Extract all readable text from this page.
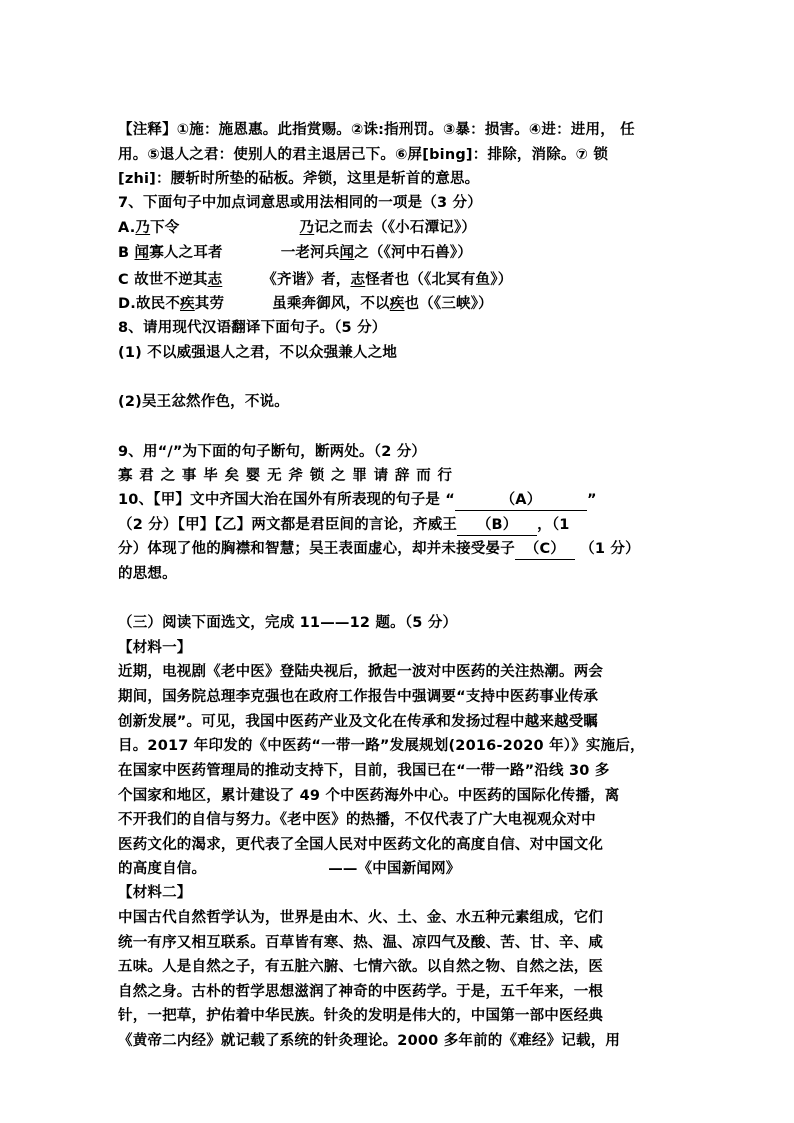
【注释】①施：施恩惠。此指赏赐。②诛:指刑罚。③暴：损害。④进：进用， 任
用。⑤退人之君：使别人的君主退居己下。⑥屏[bing]：排除，消除。⑦ 锁
[zhi]：腰斩时所垫的砧板。斧锁，这里是斩首的意思。
7、下面句子中加点词意思或用法相同的一项是（3 分）
A.乃下令	乃记之而去（《小石潭记》）
B 闻寡人之耳者	一老河兵闻之（《河中石兽》）
C 故世不逆其志	《齐谐》者，志怪者也（《北冥有鱼》）
D.故民不疾其劳	虽乘奔御风，不以疾也（《三峡》）
8、请用现代汉语翻译下面句子。（5 分）
(1) 不以威强退人之君，不以众强兼人之地
(2)吴王忿然作色，不说。
9、用“/”为下面的句子断句，断两处。（2 分）
寡君之事毕矣婴无斧锁之罪请辞而行
10、【甲】文中齐国大治在国外有所表现的句子是 “	（A）	”
（2 分）【甲】【乙】两文都是君臣间的言论，齐威王 （B） ，（1
分）体现了他的胸襟和智慧；吴王表面虚心，却并未接受晏子 （C） （1 分）
的思想。
（三）阅读下面选文，完成 11——12 题。（5 分）
【材料一】
近期，电视剧《老中医》登陆央视后，掀起一波对中医药的关注热潮。两会
期间，国务院总理李克强也在政府工作报告中强调要“支持中医药事业传承
创新发展”。可见，我国中医药产业及文化在传承和发扬过程中越来越受瞩
目。2017 年印发的《中医药“一带一路”发展规划(2016-2020 年）》实施后，
在国家中医药管理局的推动支持下，目前，我国已在“一带一路”沿线 30 多
个国家和地区，累计建设了 49 个中医药海外中心。中医药的国际化传播，离
不开我们的自信与努力。《老中医》的热播，不仅代表了广大电视观众对中
医药文化的渴求，更代表了全国人民对中医药文化的高度自信、对中国文化
的高度自信。	——《中国新闻网》
【材料二】
中国古代自然哲学认为，世界是由木、火、土、金、水五种元素组成，它们
统一有序又相互联系。百草皆有寒、热、温、凉四气及酸、苦、甘、辛、咸
五味。人是自然之子，有五脏六腑、七情六欲。以自然之物、自然之法，医
自然之身。古朴的哲学思想滋润了神奇的中医药学。于是，五千年来，一根
针，一把草，护佑着中华民族。针灸的发明是伟大的，中国第一部中医经典
《黄帝二内经》就记载了系统的针灸理论。2000 多年前的《难经》记载，用
